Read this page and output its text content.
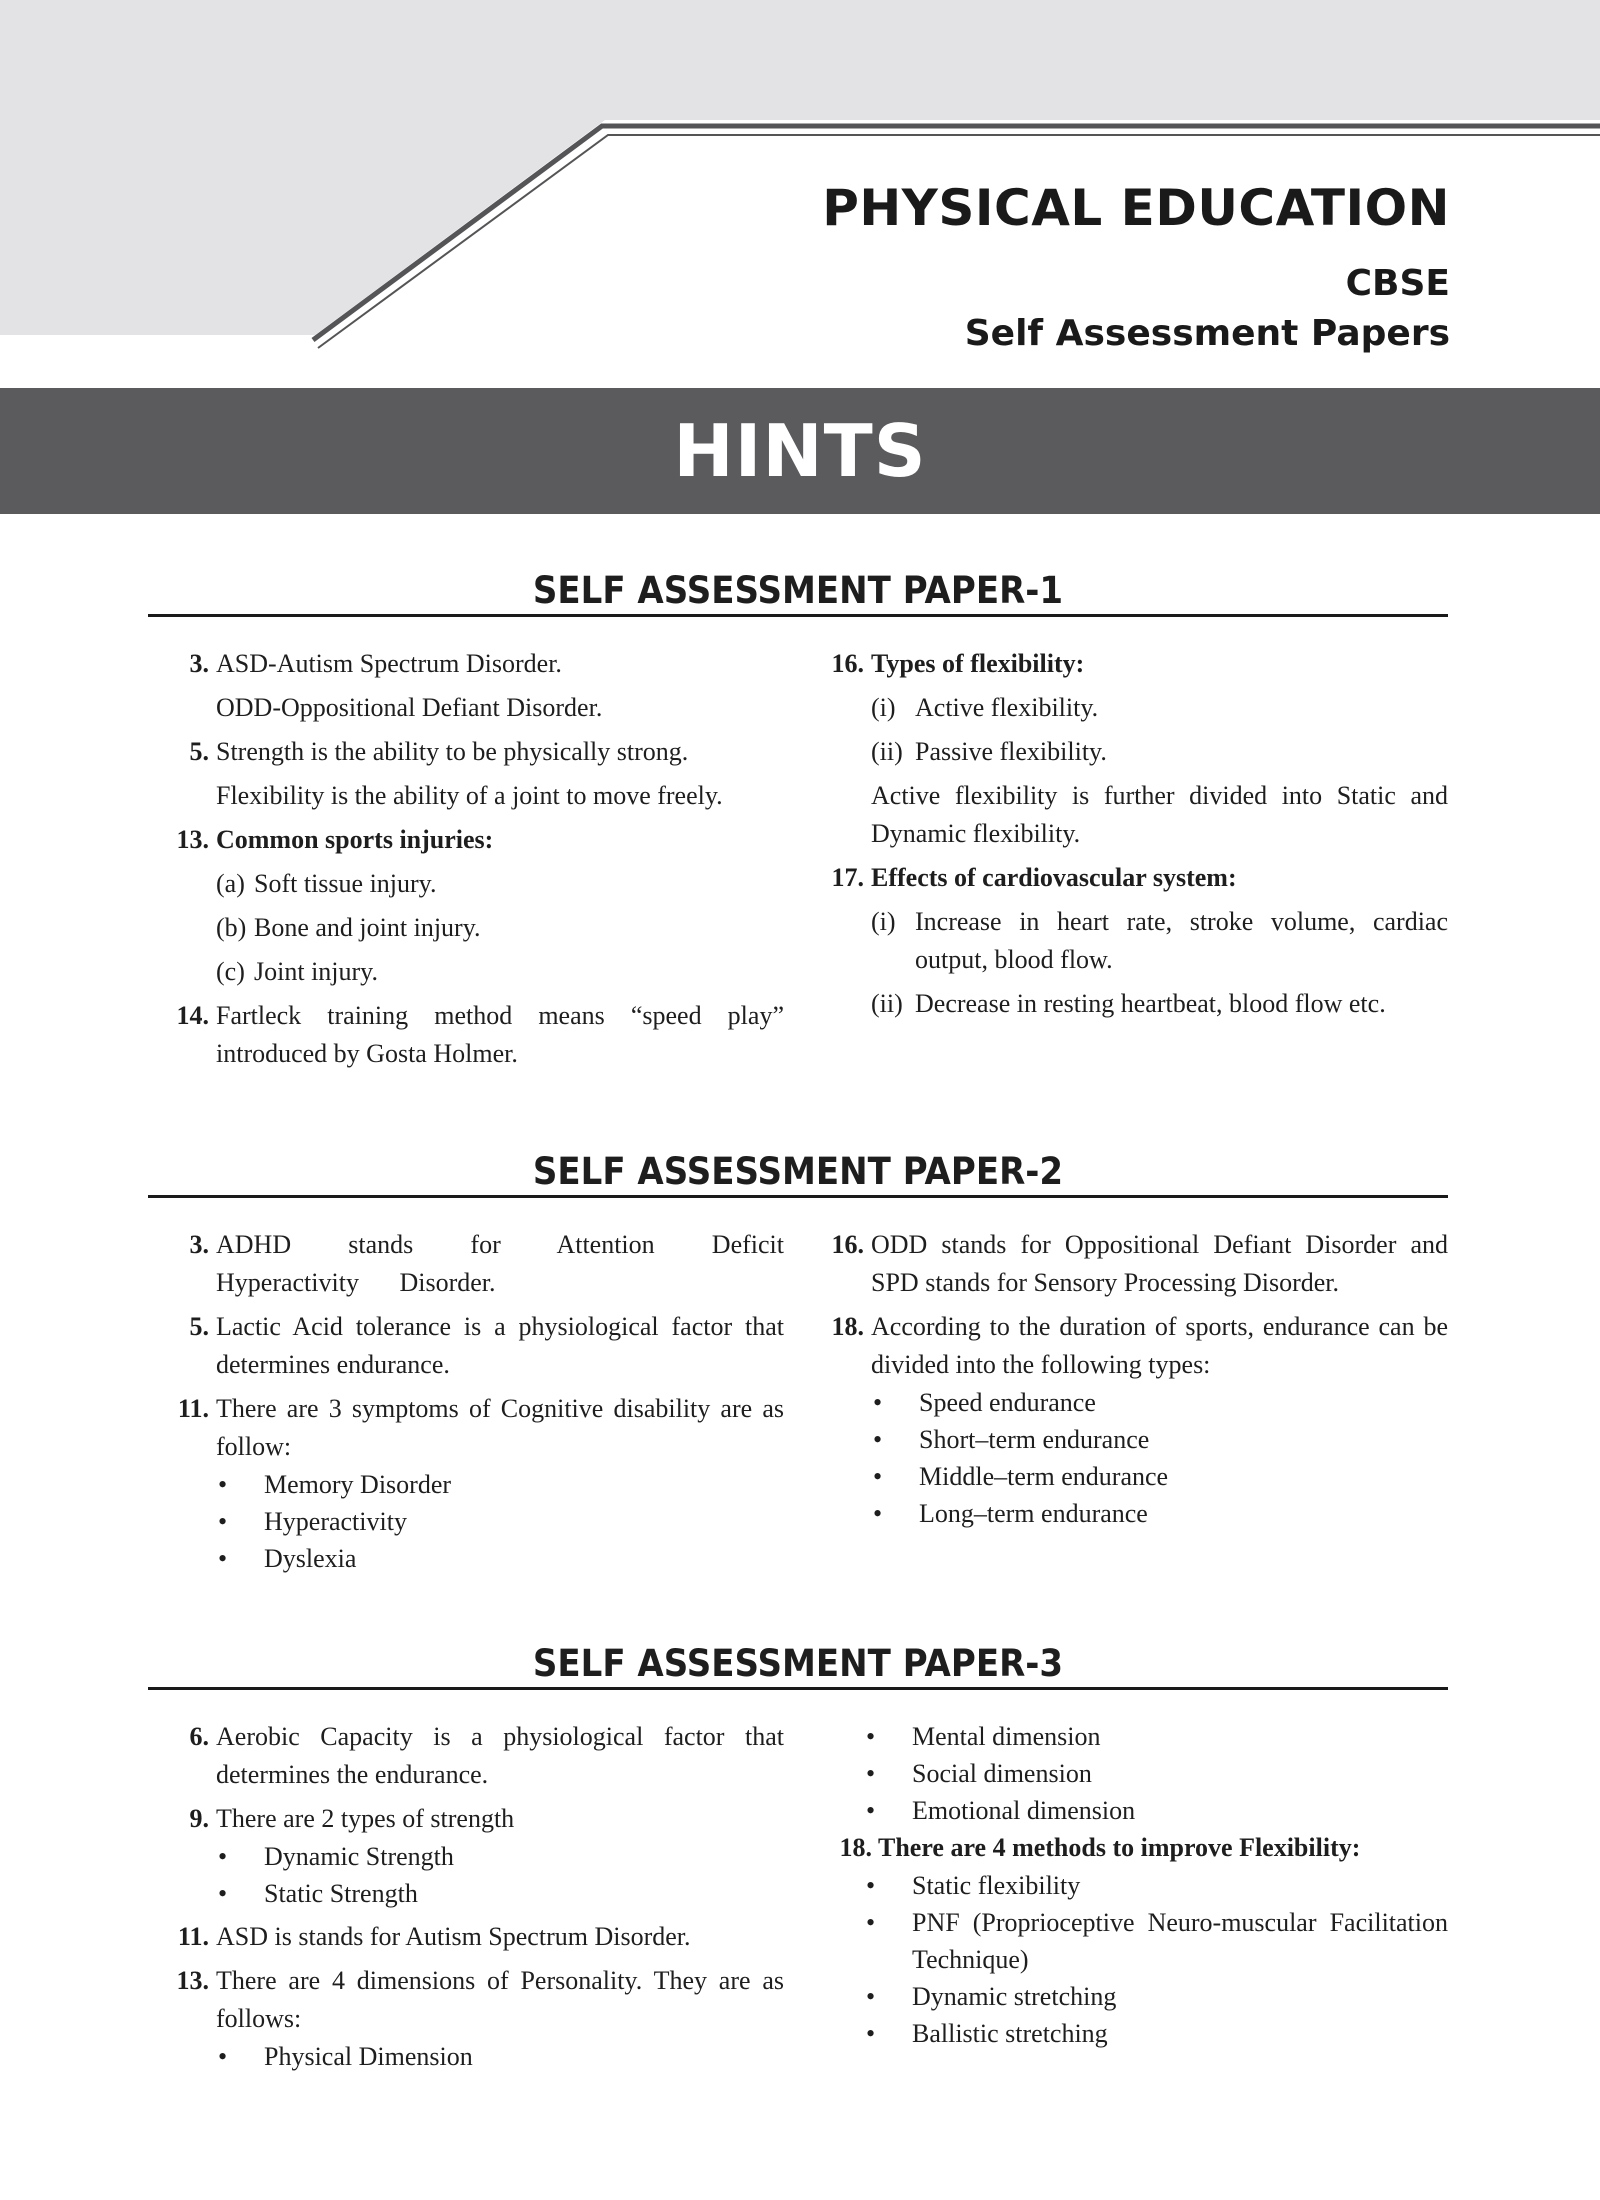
PHYSICAL EDUCATION
CBSE
Self Assessment Papers
HINTS
SELF ASSESSMENT PAPER-1
3. ASD-Autism Spectrum Disorder.
ODD-Oppositional Defiant Disorder.
5. Strength is the ability to be physically strong.
Flexibility is the ability of a joint to move freely.
13. Common sports injuries:
(a) Soft tissue injury.
(b) Bone and joint injury.
(c) Joint injury.
14. Fartleck training method means “speed play” introduced by Gosta Holmer.
16. Types of flexibility:
(i) Active flexibility.
(ii) Passive flexibility.
Active flexibility is further divided into Static and Dynamic flexibility.
17. Effects of cardiovascular system:
(i) Increase in heart rate, stroke volume, cardiac output, blood flow.
(ii) Decrease in resting heartbeat, blood flow etc.
SELF ASSESSMENT PAPER-2
3. ADHD stands for Attention Deficit Hyperactivity Disorder.
5. Lactic Acid tolerance is a physiological factor that determines endurance.
11. There are 3 symptoms of Cognitive disability are as follow:
•	Memory Disorder
•	Hyperactivity
•	Dyslexia
16. ODD stands for Oppositional Defiant Disorder and SPD stands for Sensory Processing Disorder.
18. According to the duration of sports, endurance can be divided into the following types:
•	Speed endurance
•	Short–term endurance
•	Middle–term endurance
•	Long–term endurance
SELF ASSESSMENT PAPER-3
6. Aerobic Capacity is a physiological factor that determines the endurance.
9. There are 2 types of strength
•	Dynamic Strength
•	Static Strength
11. ASD is stands for Autism Spectrum Disorder.
13. There are 4 dimensions of Personality. They are as follows:
•	Physical Dimension
•	Mental dimension
•	Social dimension
•	Emotional dimension
18. There are 4 methods to improve Flexibility:
•	Static flexibility
•	PNF (Proprioceptive Neuro-muscular Facilitation Technique)
•	Dynamic stretching
•	Ballistic stretching
